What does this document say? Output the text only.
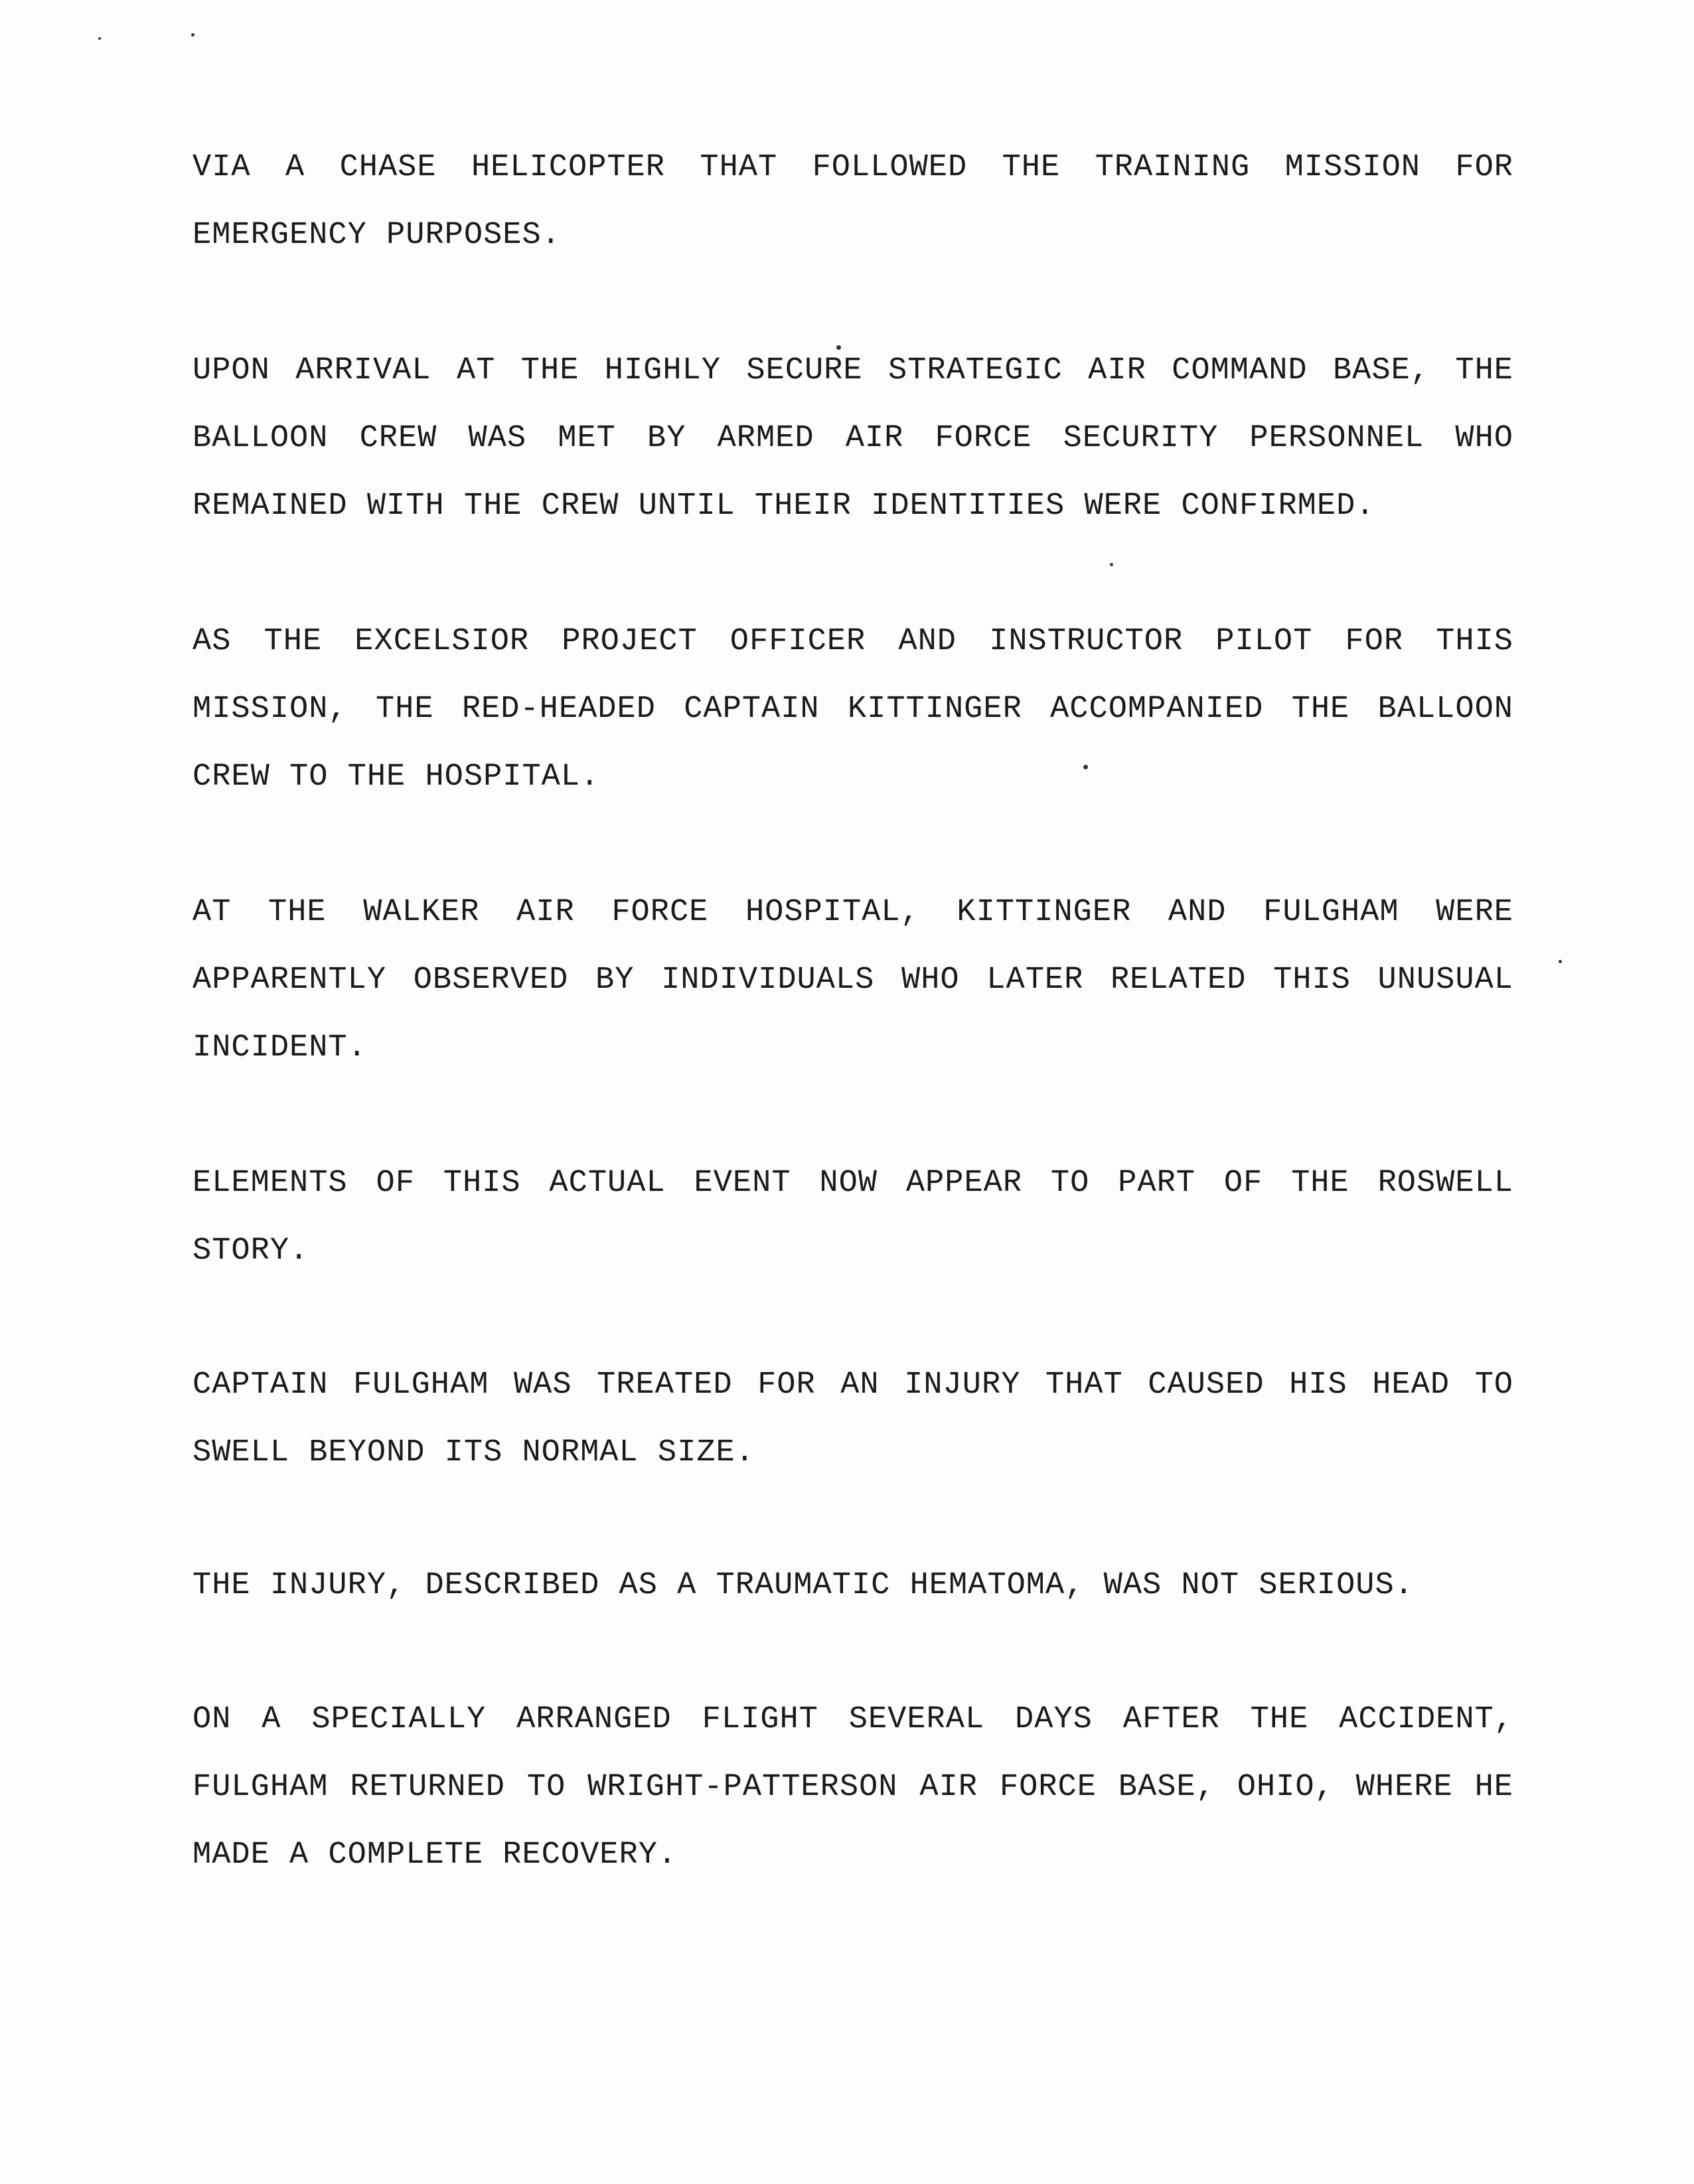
VIA A CHASE HELICOPTER THAT FOLLOWED THE TRAINING MISSION FOR
EMERGENCY PURPOSES.
UPON ARRIVAL AT THE HIGHLY SECURE STRATEGIC AIR COMMAND BASE, THE
BALLOON CREW WAS MET BY ARMED AIR FORCE SECURITY PERSONNEL WHO
REMAINED WITH THE CREW UNTIL THEIR IDENTITIES WERE CONFIRMED.
AS THE EXCELSIOR PROJECT OFFICER AND INSTRUCTOR PILOT FOR THIS
MISSION, THE RED-HEADED CAPTAIN KITTINGER ACCOMPANIED THE BALLOON
CREW TO THE HOSPITAL.
AT THE WALKER AIR FORCE HOSPITAL, KITTINGER AND FULGHAM WERE
APPARENTLY OBSERVED BY INDIVIDUALS WHO LATER RELATED THIS UNUSUAL
INCIDENT.
ELEMENTS OF THIS ACTUAL EVENT NOW APPEAR TO PART OF THE ROSWELL
STORY.
CAPTAIN FULGHAM WAS TREATED FOR AN INJURY THAT CAUSED HIS HEAD TO
SWELL BEYOND ITS NORMAL SIZE.
THE INJURY, DESCRIBED AS A TRAUMATIC HEMATOMA, WAS NOT SERIOUS.
ON A SPECIALLY ARRANGED FLIGHT SEVERAL DAYS AFTER THE ACCIDENT,
FULGHAM RETURNED TO WRIGHT-PATTERSON AIR FORCE BASE, OHIO, WHERE HE
MADE A COMPLETE RECOVERY.
